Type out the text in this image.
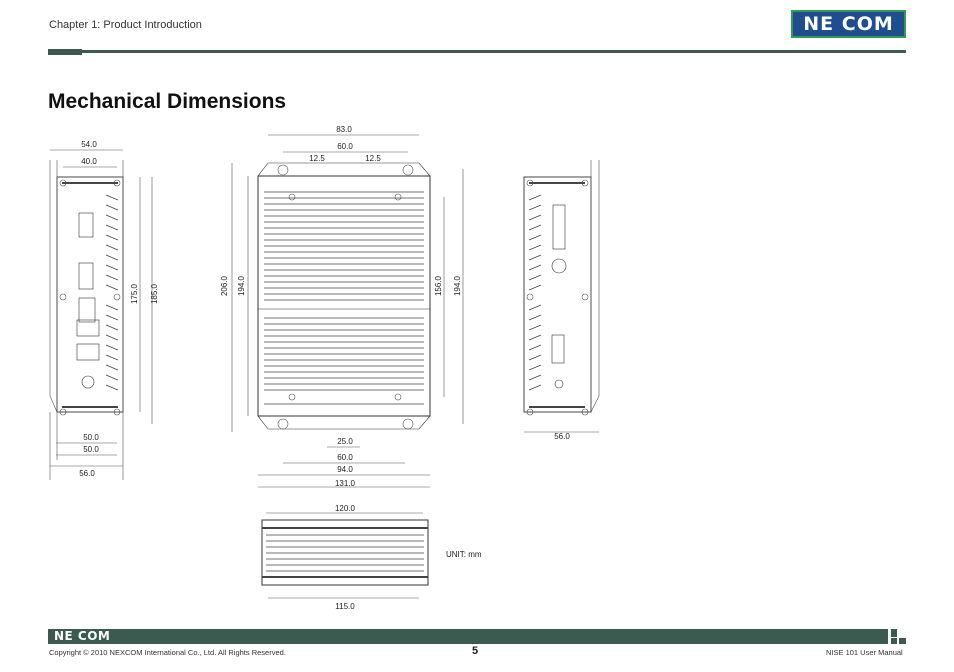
Chapter 1: Product Introduction	NE COM
Mechanical Dimensions
54.0
40.0
175.0 185.0
50.0
50.0
56.0
83.0
60.0
12.5	12.5
206.0 194.0	156.0 194.0
25.0
60.0
94.0
131.0
56.0
120.0
115.0
UNIT: mm
NE COM
Copyright © 2010 NEXCOM International Co., Ltd. All Rights Reserved.	5	NISE 101 User Manual
